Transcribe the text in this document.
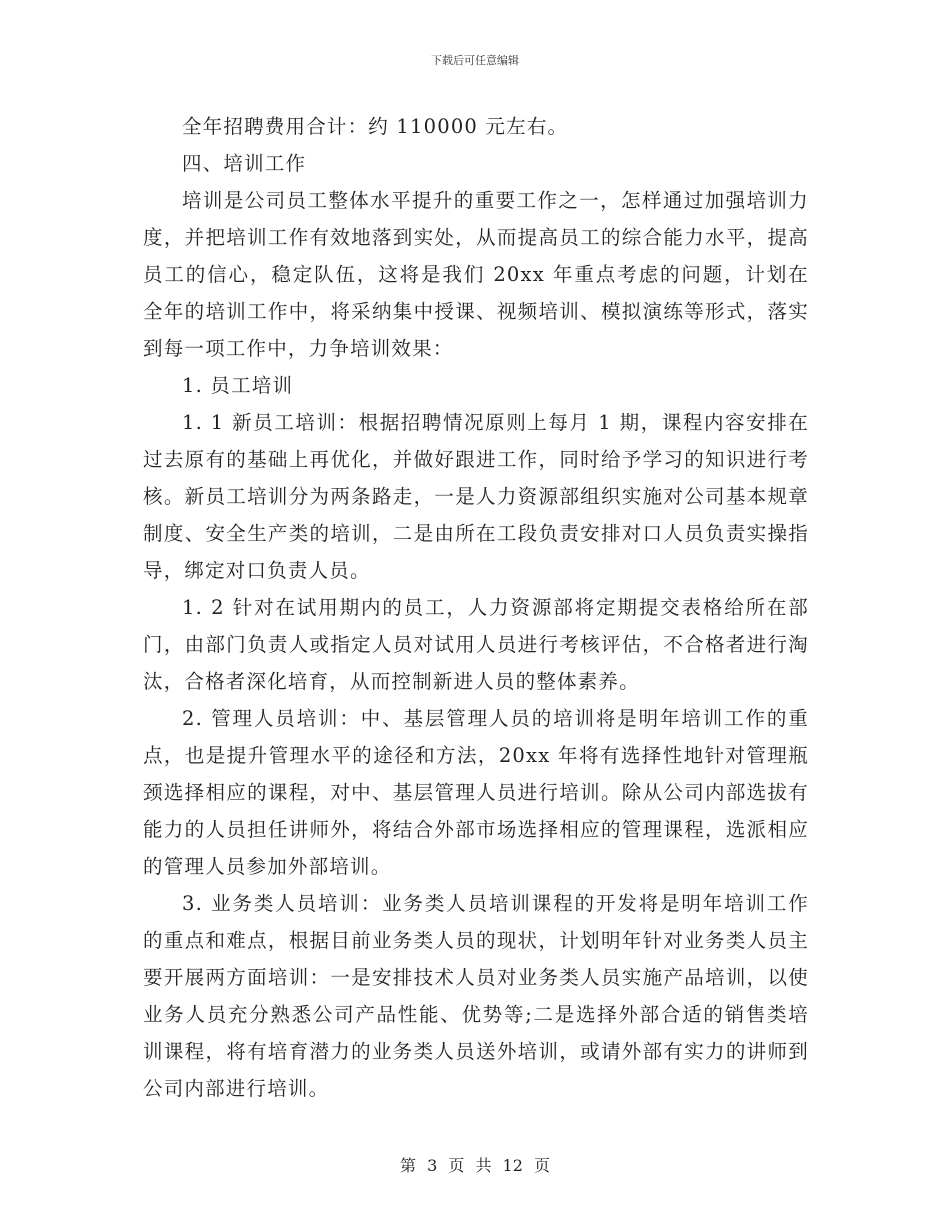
下载后可任意编辑

全年招聘费用合计：约 110000 元左右。

四、培训工作

培训是公司员工整体水平提升的重要工作之一，怎样通过加强培训力度，并把培训工作有效地落到实处，从而提高员工的综合能力水平，提高员工的信心，稳定队伍，这将是我们 20xx 年重点考虑的问题，计划在全年的培训工作中，将采纳集中授课、视频培训、模拟演练等形式，落实到每一项工作中，力争培训效果：

1. 员工培训

1. 1 新员工培训：根据招聘情况原则上每月 1 期，课程内容安排在过去原有的基础上再优化，并做好跟进工作，同时给予学习的知识进行考核。新员工培训分为两条路走，一是人力资源部组织实施对公司基本规章制度、安全生产类的培训，二是由所在工段负责安排对口人员负责实操指导，绑定对口负责人员。

1. 2 针对在试用期内的员工，人力资源部将定期提交表格给所在部门，由部门负责人或指定人员对试用人员进行考核评估，不合格者进行淘汰，合格者深化培育，从而控制新进人员的整体素养。

2. 管理人员培训：中、基层管理人员的培训将是明年培训工作的重点，也是提升管理水平的途径和方法，20xx 年将有选择性地针对管理瓶颈选择相应的课程，对中、基层管理人员进行培训。除从公司内部选拔有能力的人员担任讲师外，将结合外部市场选择相应的管理课程，选派相应的管理人员参加外部培训。

3. 业务类人员培训：业务类人员培训课程的开发将是明年培训工作的重点和难点，根据目前业务类人员的现状，计划明年针对业务类人员主要开展两方面培训：一是安排技术人员对业务类人员实施产品培训，以使业务人员充分熟悉公司产品性能、优势等;二是选择外部合适的销售类培训课程，将有培育潜力的业务类人员送外培训，或请外部有实力的讲师到公司内部进行培训。

第 3 页 共 12 页
